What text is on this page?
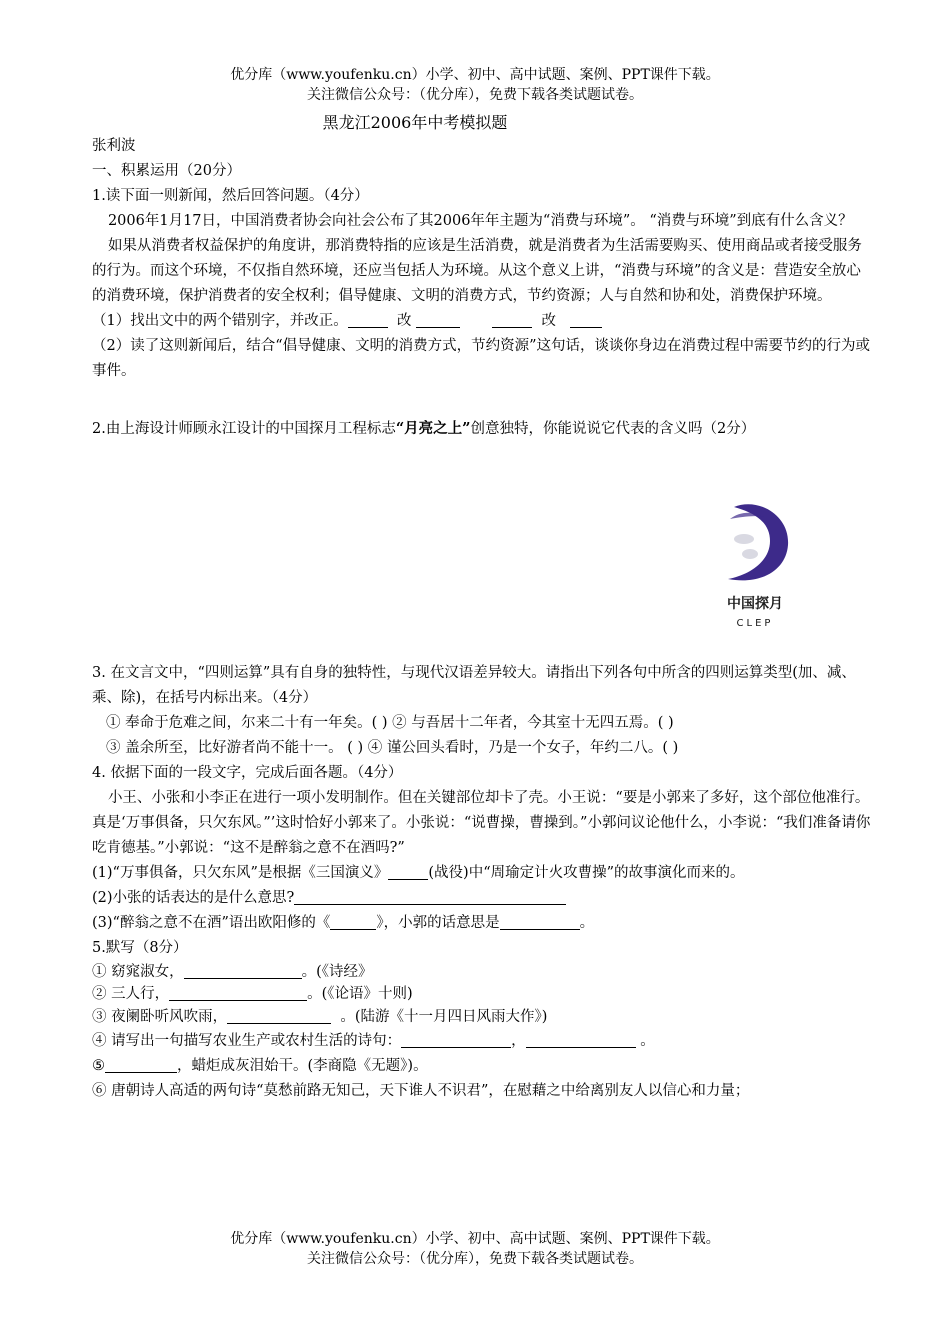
优分库（www.youfenku.cn）小学、初中、高中试题、案例、PPT课件下载。
关注微信公众号：（优分库），免费下载各类试题试卷。
黑龙江2006年中考模拟题

张利波

一、积累运用（20分）

1.读下面一则新闻，然后回答问题。（4分）

2006年1月17日，中国消费者协会向社会公布了其2006年年主题为“消费与环境”。 “消费与环境”到底有什么含义？

如果从消费者权益保护的角度讲，那消费特指的应该是生活消费，就是消费者为生活需要购买、使用商品或者接受服务的行为。而这个环境，不仅指自然环境，还应当包括人为环境。从这个意义上讲，“消费与环境”的含义是：营造安全放心的消费环境，保护消费者的安全权利；倡导健康、文明的消费方式，节约资源；人与自然和协和处，消费保护环境。

（1）找出文中的两个错别字，并改正。	改	改

（2）读了这则新闻后，结合“倡导健康、文明的消费方式，节约资源”这句话，谈谈你身边在消费过程中需要节约的行为或事件。

2.由上海设计师顾永江设计的中国探月工程标志“月亮之上”创意独特，你能说说它代表的含义吗（2分）

中国探月
CLEP

3. 在文言文中，“四则运算”具有自身的独特性，与现代汉语差异较大。请指出下列各句中所含的四则运算类型(加、减、乘、除)，在括号内标出来。（4分）

① 奉命于危难之间，尔来二十有一年矣。( ) ② 与吾居十二年者，今其室十无四五焉。( )

③ 盖余所至，比好游者尚不能十一。 ( ) ④ 谨公回头看时，乃是一个女子，年约二八。( )

4. 依据下面的一段文字，完成后面各题。（4分）

小王、小张和小李正在进行一项小发明制作。但在关键部位却卡了壳。小王说：“要是小郭来了多好，这个部位他准行。真是‘万事俱备，只欠东风。”’这时恰好小郭来了。小张说：“说曹操，曹操到。”小郭问议论他什么，小李说：“我们准备请你吃肯德基。”小郭说：“这不是醉翁之意不在酒吗?”

(1)“万事俱备，只欠东风”是根据《三国演义》	(战役)中“周瑜定计火攻曹操”的故事演化而来的。

(2)小张的话表达的是什么意思?

(3)“醉翁之意不在酒”语出欧阳修的《	》，小郭的话意思是	。

5.默写（8分）

① 窈窕淑女，	。(《诗经》

② 三人行，	。(《论语》十则)

③ 夜阑卧听风吹雨，	。(陆游《十一月四日风雨大作》)

④ 请写出一句描写农业生产或农村生活的诗句：	，	。

⑤	，蜡炬成灰泪始干。(李商隐《无题》)。

⑥ 唐朝诗人高适的两句诗“莫愁前路无知己，天下谁人不识君”，在慰藉之中给离别友人以信心和力量；

优分库（www.youfenku.cn）小学、初中、高中试题、案例、PPT课件下载。
关注微信公众号：（优分库），免费下载各类试题试卷。
